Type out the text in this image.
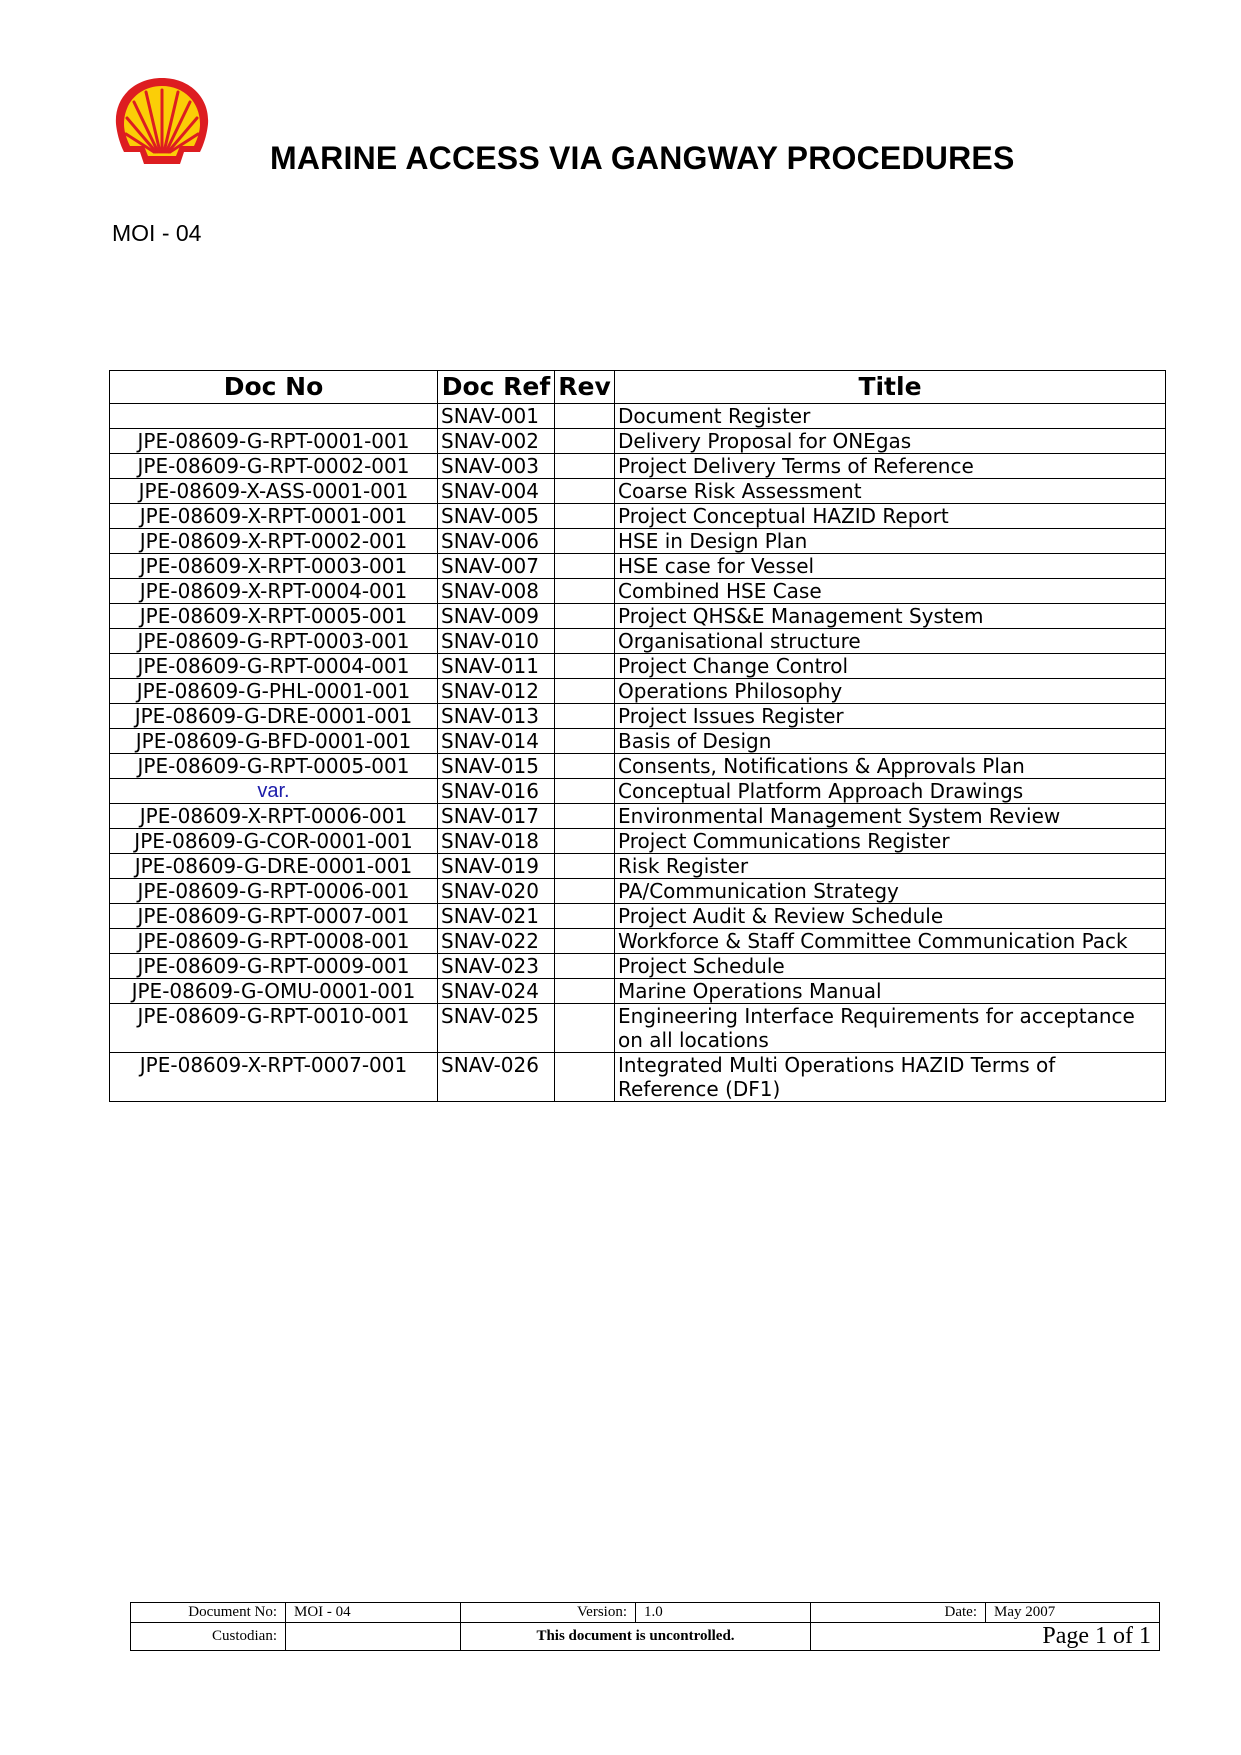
MARINE ACCESS VIA GANGWAY PROCEDURES
MOI - 04
Doc No	Doc Ref	Rev	Title
	SNAV-001		Document Register
JPE-08609-G-RPT-0001-001	SNAV-002		Delivery Proposal for ONEgas
JPE-08609-G-RPT-0002-001	SNAV-003		Project Delivery Terms of Reference
JPE-08609-X-ASS-0001-001	SNAV-004		Coarse Risk Assessment
JPE-08609-X-RPT-0001-001	SNAV-005		Project Conceptual HAZID Report
JPE-08609-X-RPT-0002-001	SNAV-006		HSE in Design Plan
JPE-08609-X-RPT-0003-001	SNAV-007		HSE case for Vessel
JPE-08609-X-RPT-0004-001	SNAV-008		Combined HSE Case
JPE-08609-X-RPT-0005-001	SNAV-009		Project QHS&E Management System
JPE-08609-G-RPT-0003-001	SNAV-010		Organisational structure
JPE-08609-G-RPT-0004-001	SNAV-011		Project Change Control
JPE-08609-G-PHL-0001-001	SNAV-012		Operations Philosophy
JPE-08609-G-DRE-0001-001	SNAV-013		Project Issues Register
JPE-08609-G-BFD-0001-001	SNAV-014		Basis of Design
JPE-08609-G-RPT-0005-001	SNAV-015		Consents, Notifications & Approvals Plan
var.	SNAV-016		Conceptual Platform Approach Drawings
JPE-08609-X-RPT-0006-001	SNAV-017		Environmental Management System Review
JPE-08609-G-COR-0001-001	SNAV-018		Project Communications Register
JPE-08609-G-DRE-0001-001	SNAV-019		Risk Register
JPE-08609-G-RPT-0006-001	SNAV-020		PA/Communication Strategy
JPE-08609-G-RPT-0007-001	SNAV-021		Project Audit & Review Schedule
JPE-08609-G-RPT-0008-001	SNAV-022		Workforce & Staff Committee Communication Pack
JPE-08609-G-RPT-0009-001	SNAV-023		Project Schedule
JPE-08609-G-OMU-0001-001	SNAV-024		Marine Operations Manual
JPE-08609-G-RPT-0010-001	SNAV-025		Engineering Interface Requirements for acceptance on all locations
JPE-08609-X-RPT-0007-001	SNAV-026		Integrated Multi Operations HAZID Terms of Reference (DF1)
Document No:	MOI - 04	Version:	1.0	Date:	May 2007
Custodian:		This document is uncontrolled.		Page 1 of 1	
